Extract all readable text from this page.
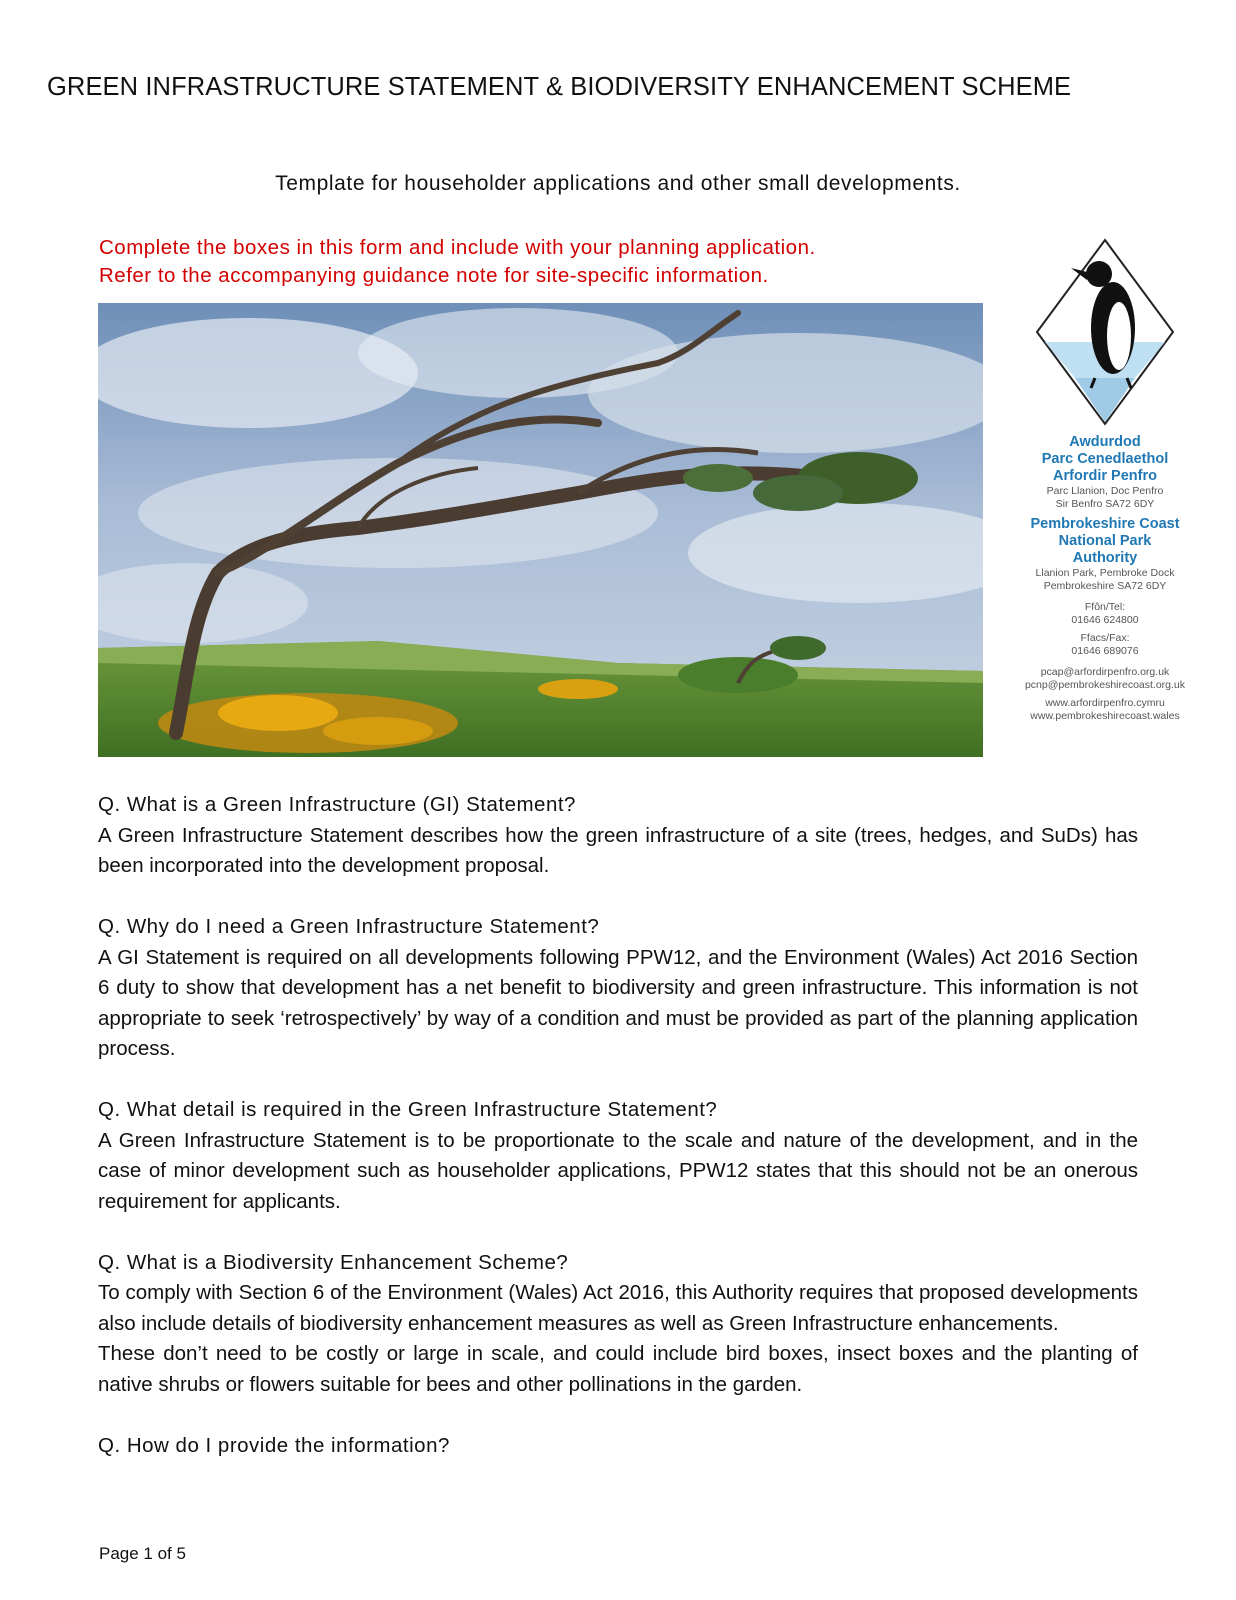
GREEN INFRASTRUCTURE STATEMENT & BIODIVERSITY ENHANCEMENT SCHEME

Template for householder applications and other small developments.

Complete the boxes in this form and include with your planning application.
Refer to the accompanying guidance note for site-specific information.
Awdurdod
Parc Cenedlaethol
Arfordir Penfro
Parc Llanion, Doc Penfro
Sir Benfro SA72 6DY
Pembrokeshire Coast
National Park
Authority
Llanion Park, Pembroke Dock
Pembrokeshire SA72 6DY
Ffôn/Tel:
01646 624800
Ffacs/Fax:
01646 689076
pcap@arfordirpenfro.org.uk
pcnp@pembrokeshirecoast.org.uk
www.arfordirpenfro.cymru
www.pembrokeshirecoast.wales

Q. What is a Green Infrastructure (GI) Statement?

A Green Infrastructure Statement describes how the green infrastructure of a site (trees, hedges, and SuDs) has been incorporated into the development proposal.

Q. Why do I need a Green Infrastructure Statement?

A GI Statement is required on all developments following PPW12, and the Environment (Wales) Act 2016 Section 6 duty to show that development has a net benefit to biodiversity and green infrastructure. This information is not appropriate to seek ‘retrospectively’ by way of a condition and must be provided as part of the planning application process.

Q. What detail is required in the Green Infrastructure Statement?

A Green Infrastructure Statement is to be proportionate to the scale and nature of the development, and in the case of minor development such as householder applications, PPW12 states that this should not be an onerous requirement for applicants.

Q. What is a Biodiversity Enhancement Scheme?

To comply with Section 6 of the Environment (Wales) Act 2016, this Authority requires that proposed developments also include details of biodiversity enhancement measures as well as Green Infrastructure enhancements.

These don’t need to be costly or large in scale, and could include bird boxes, insect boxes and the planting of native shrubs or flowers suitable for bees and other pollinations in the garden.

Q. How do I provide the information?

Page 1 of 5
